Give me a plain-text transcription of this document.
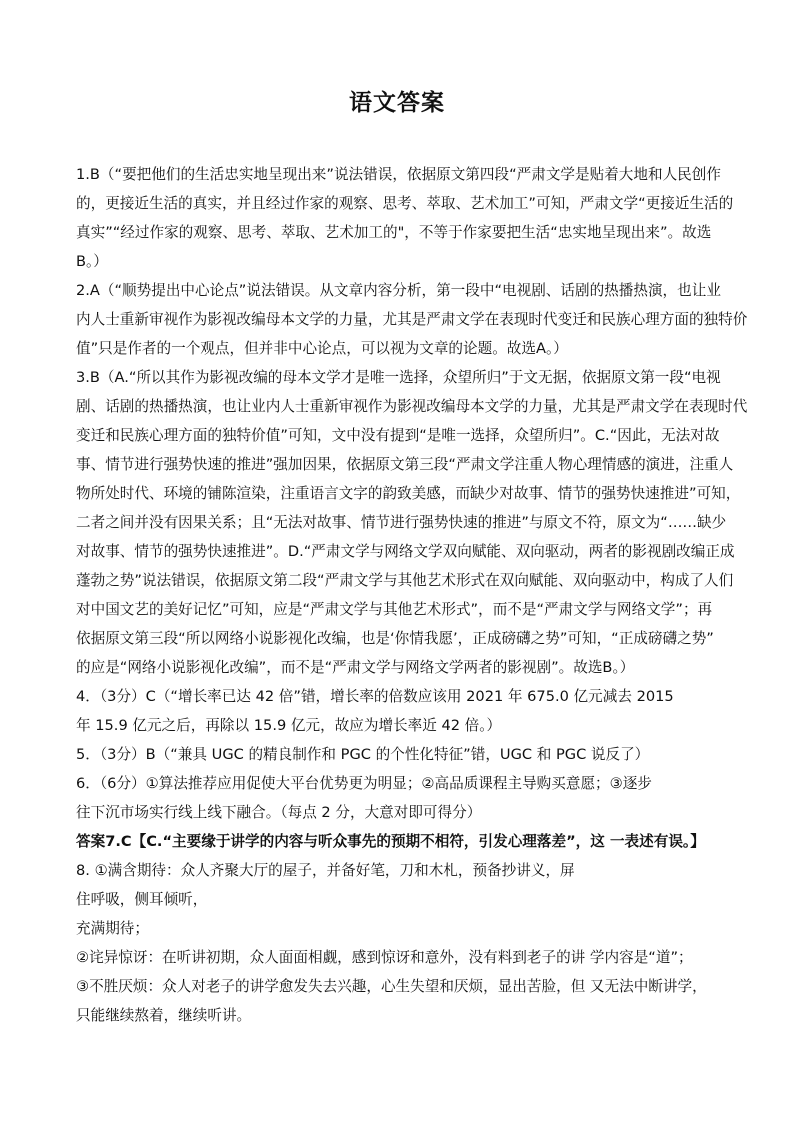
语文答案
1.B（“要把他们的生活忠实地呈现出来”说法错误，依据原文第四段“严肃文学是贴着大地和人民创作
的，更接近生活的真实，并且经过作家的观察、思考、萃取、艺术加工”可知，严肃文学“更接近生活的
真实”“经过作家的观察、思考、萃取、艺术加工的"，不等于作家要把生活“忠实地呈现出来”。故选
B。）
2.A（“顺势提出中心论点”说法错误。从文章内容分析，第一段中“电视剧、话剧的热播热演，也让业
内人士重新审视作为影视改编母本文学的力量，尤其是严肃文学在表现时代变迁和民族心理方面的独特价
值”只是作者的一个观点，但并非中心论点，可以视为文章的论题。故选A。）
3.B（A.“所以其作为影视改编的母本文学才是唯一选择，众望所归”于文无据，依据原文第一段“电视
剧、话剧的热播热演，也让业内人士重新审视作为影视改编母本文学的力量，尤其是严肃文学在表现时代
变迁和民族心理方面的独特价值”可知，文中没有提到“是唯一选择，众望所归”。C.“因此，无法对故
事、情节进行强势快速的推进”强加因果，依据原文第三段“严肃文学注重人物心理情感的演进，注重人
物所处时代、环境的铺陈渲染，注重语言文字的韵致美感，而缺少对故事、情节的强势快速推进”可知，
二者之间并没有因果关系；且“无法对故事、情节进行强势快速的推进”与原文不符，原文为“……缺少
对故事、情节的强势快速推进”。D.“严肃文学与网络文学双向赋能、双向驱动，两者的影视剧改编正成
蓬勃之势”说法错误，依据原文第二段“严肃文学与其他艺术形式在双向赋能、双向驱动中，构成了人们
对中国文艺的美好记忆”可知，应是“严肃文学与其他艺术形式”，而不是“严肃文学与网络文学”；再
依据原文第三段“所以网络小说影视化改编，也是‘你情我愿’，正成磅礴之势”可知，“正成磅礴之势”
的应是“网络小说影视化改编”，而不是“严肃文学与网络文学两者的影视剧”。故选B。）
4．（3分）C（“增长率已达 42 倍”错，增长率的倍数应该用 2021 年 675.0 亿元减去 2015
年 15.9 亿元之后，再除以 15.9 亿元，故应为增长率近 42 倍。）
5．（3分）B（“兼具 UGC 的精良制作和 PGC 的个性化特征”错，UGC 和 PGC 说反了）
6．（6分）①算法推荐应用促使大平台优势更为明显；②高品质课程主导购买意愿；③逐步
往下沉市场实行线上线下融合。（每点 2 分，大意对即可得分）
答案7.C【C.“主要缘于讲学的内容与听众事先的预期不相符，引发心理落差”，这 一表述有误。】
8. ①满含期待：众人齐聚大厅的屋子，并备好笔，刀和木札，预备抄讲义，屏
住呼吸，侧耳倾听，
充满期待；
②诧异惊讶：在听讲初期，众人面面相觑，感到惊讶和意外，没有料到老子的讲 学内容是“道”；
③不胜厌烦：众人对老子的讲学愈发失去兴趣，心生失望和厌烦，显出苦脸，但 又无法中断讲学，
只能继续熬着，继续听讲。
